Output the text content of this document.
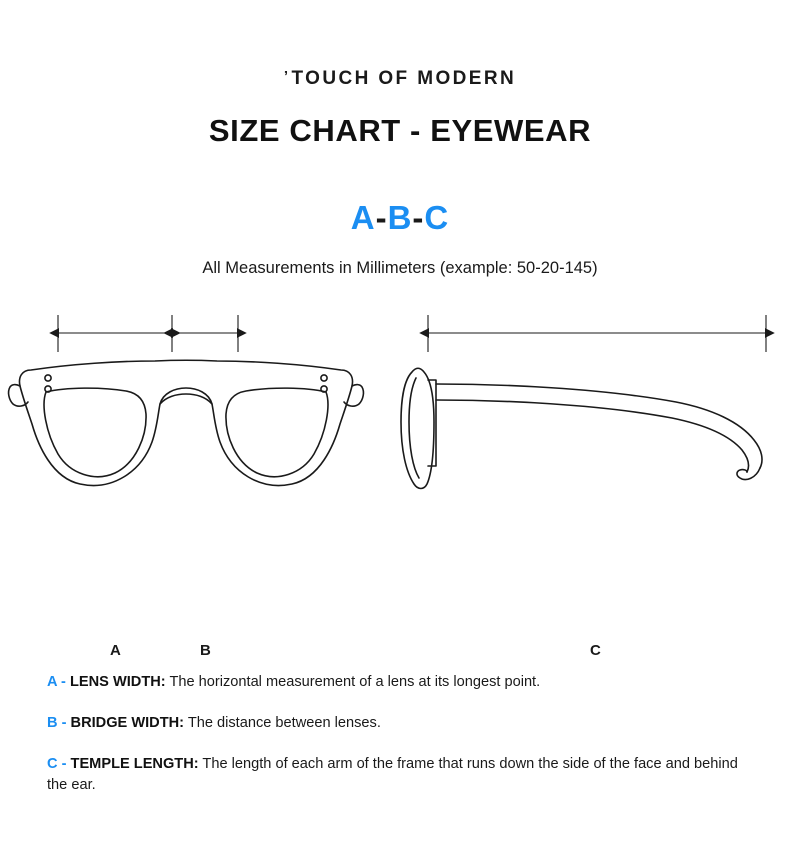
’TOUCH OF MODERN
SIZE CHART - EYEWEAR
A-B-C
All Measurements in Millimeters (example: 50-20-145)
A	B	C
A - LENS WIDTH: The horizontal measurement of a lens at its longest point.
B - BRIDGE WIDTH: The distance between lenses.
C - TEMPLE LENGTH: The length of each arm of the frame that runs down the side of the face and behind the ear.
